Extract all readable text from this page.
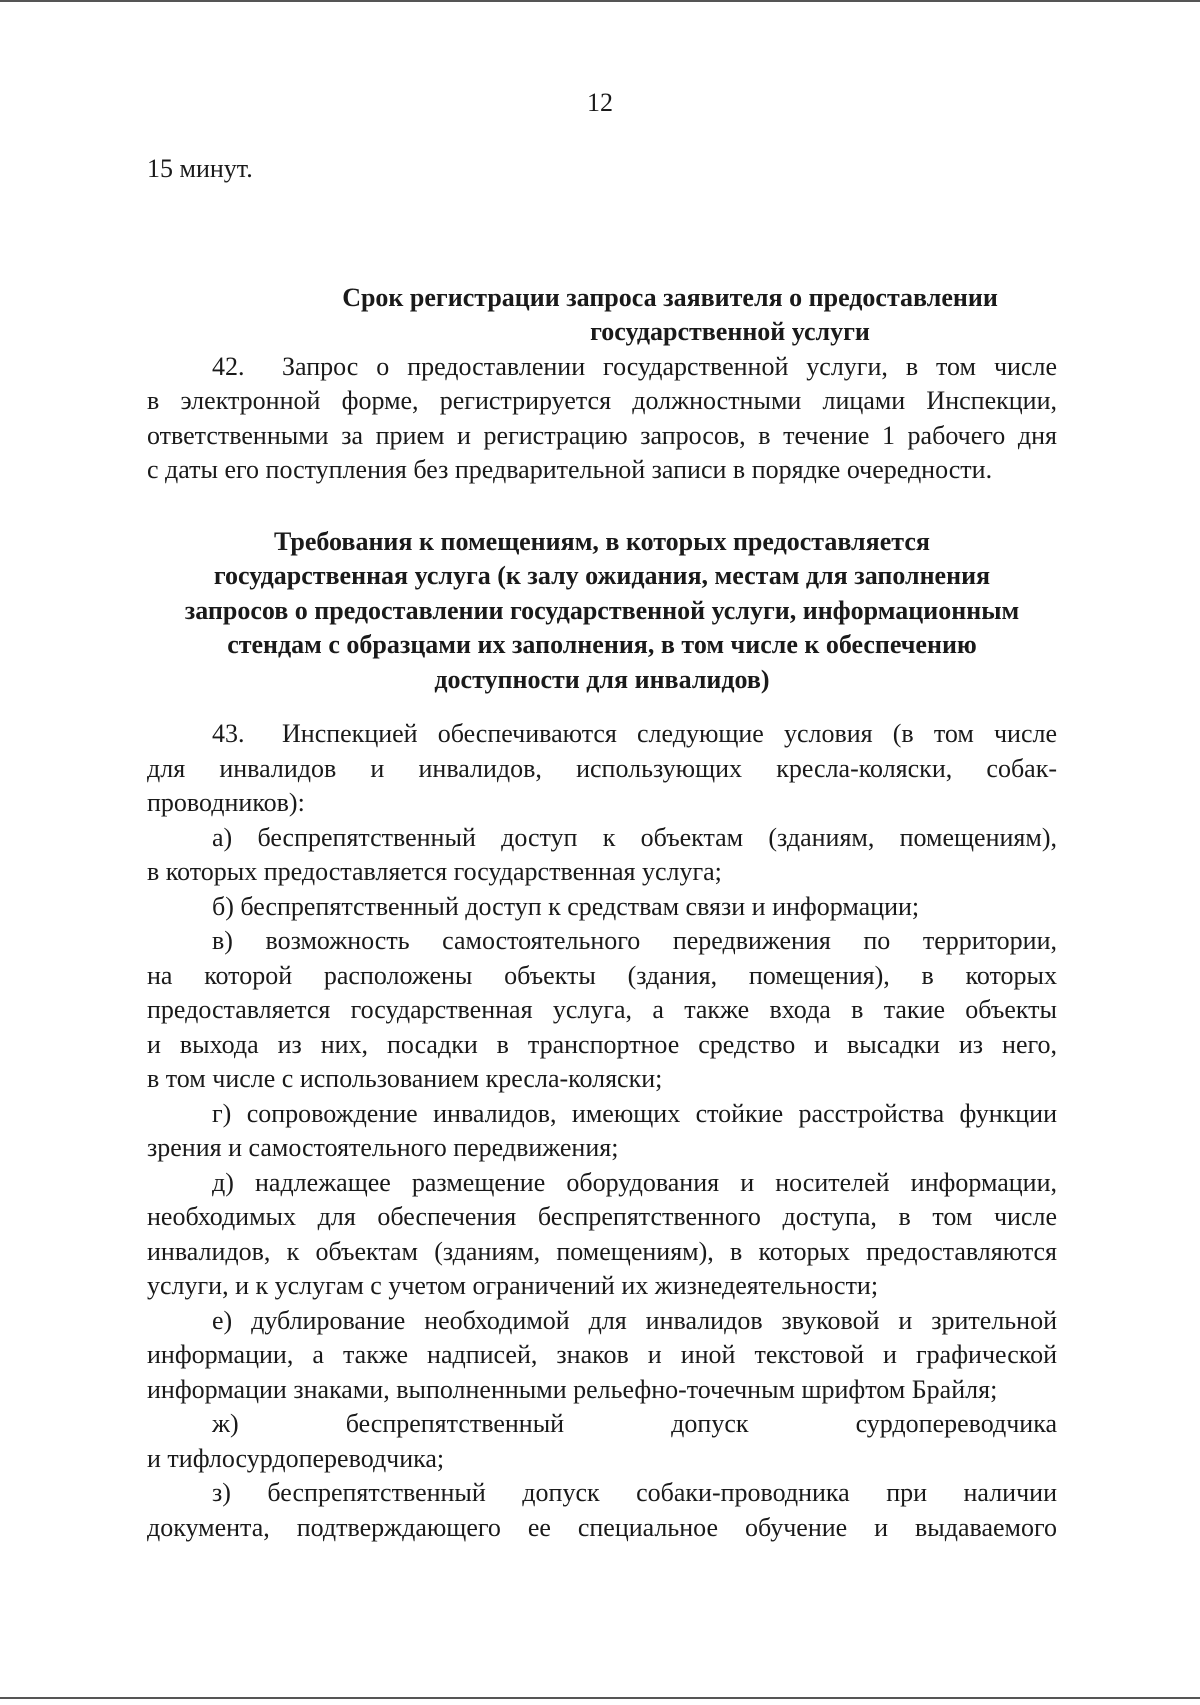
12
15 минут.
Срок регистрации запроса заявителя о предоставлении
государственной услуги
42. Запрос о предоставлении государственной услуги, в том числе
в электронной форме, регистрируется должностными лицами Инспекции,
ответственными за прием и регистрацию запросов, в течение 1 рабочего дня
с даты его поступления без предварительной записи в порядке очередности.
Требования к помещениям, в которых предоставляется
государственная услуга (к залу ожидания, местам для заполнения
запросов о предоставлении государственной услуги, информационным
стендам с образцами их заполнения, в том числе к обеспечению
доступности для инвалидов)
43. Инспекцией обеспечиваются следующие условия (в том числе
для инвалидов и инвалидов, использующих кресла-коляски, собак-
проводников):
а) беспрепятственный доступ к объектам (зданиям, помещениям),
в которых предоставляется государственная услуга;
б) беспрепятственный доступ к средствам связи и информации;
в) возможность самостоятельного передвижения по территории,
на которой расположены объекты (здания, помещения), в которых
предоставляется государственная услуга, а также входа в такие объекты
и выхода из них, посадки в транспортное средство и высадки из него,
в том числе с использованием кресла-коляски;
г) сопровождение инвалидов, имеющих стойкие расстройства функции
зрения и самостоятельного передвижения;
д) надлежащее размещение оборудования и носителей информации,
необходимых для обеспечения беспрепятственного доступа, в том числе
инвалидов, к объектам (зданиям, помещениям), в которых предоставляются
услуги, и к услугам с учетом ограничений их жизнедеятельности;
е) дублирование необходимой для инвалидов звуковой и зрительной
информации, а также надписей, знаков и иной текстовой и графической
информации знаками, выполненными рельефно-точечным шрифтом Брайля;
ж) беспрепятственный допуск сурдопереводчика
и тифлосурдопереводчика;
з) беспрепятственный допуск собаки-проводника при наличии
документа, подтверждающего ее специальное обучение и выдаваемого
